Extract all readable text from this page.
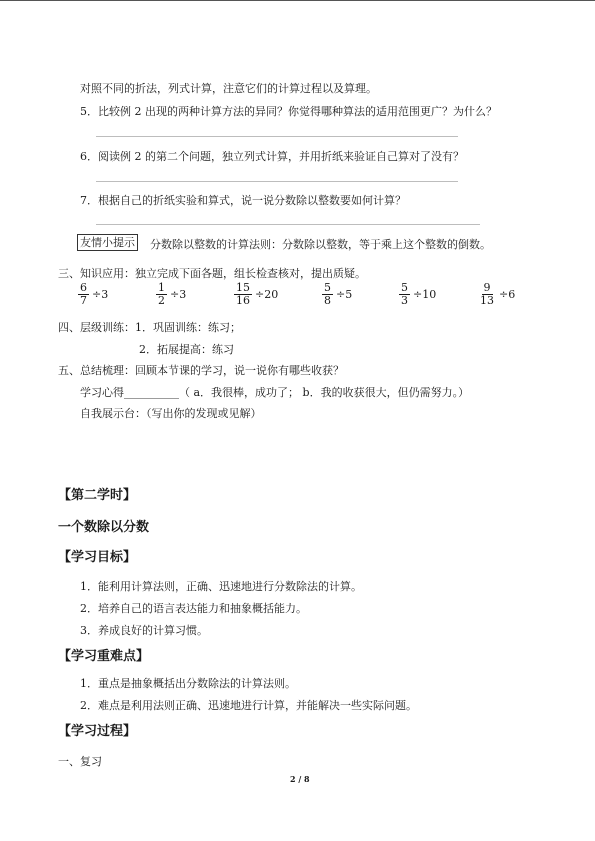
对照不同的折法，列式计算，注意它们的计算过程以及算理。
5．比较例 2 出现的两种计算方法的异同？你觉得哪种算法的适用范围更广？为什么？
6．阅读例 2 的第二个问题，独立列式计算，并用折纸来验证自己算对了没有？
7．根据自己的折纸实验和算式，说一说分数除以整数要如何计算？
友情小提示 分数除以整数的计算法则：分数除以整数，等于乘上这个整数的倒数。
三、知识应用：独立完成下面各题，组长检查核对，提出质疑。
$\frac{6}{7} \div 3$	$\frac{1}{2} \div 3$	$\frac{15}{16} \div 20$	$\frac{5}{8} \div 5$	$\frac{5}{3} \div 10$	$\frac{9}{13} \div 6$
四、层级训练：1．巩固训练：练习；
2．拓展提高：练习
五、总结梳理：回顾本节课的学习，说一说你有哪些收获？
学习心得__________（ a．我很棒，成功了； b．我的收获很大，但仍需努力。）
自我展示台：（写出你的发现或见解）
【第二学时】
一个数除以分数
【学习目标】
1．能利用计算法则，正确、迅速地进行分数除法的计算。
2．培养自己的语言表达能力和抽象概括能力。
3．养成良好的计算习惯。
【学习重难点】
1．重点是抽象概括出分数除法的计算法则。
2．难点是利用法则正确、迅速地进行计算，并能解决一些实际问题。
【学习过程】
一、复习
2 / 8
